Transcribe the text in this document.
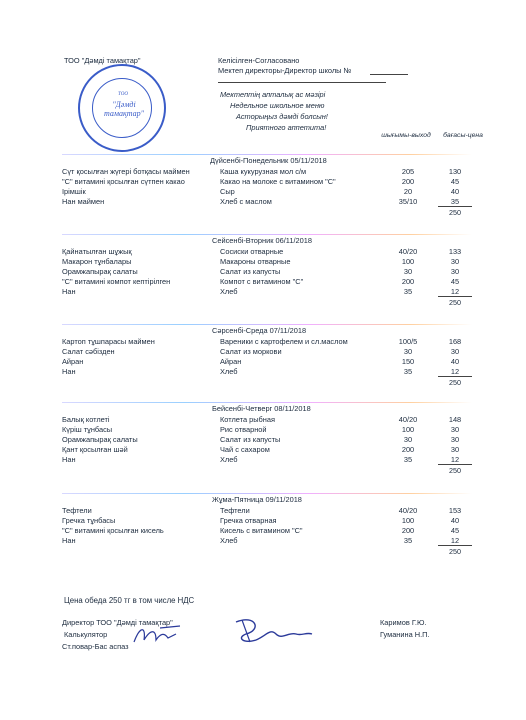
ТОО "Дәмді тамақтар"	Келісілген-Согласовано
Мектеп директоры-Директор школы №
Мектептің апталық ас мәзірі
Недельное школьное меню
Асторыңыз дәмді болсын!
Приятного аппетита!
шығымы-выход	бағасы-цена
ТОО
"Дәмді тамақтар"
Дүйсенбі-Понедельник 05/11/2018
Сүт қосылған жүгері ботқасы маймен	Каша кукурузная мол с/м	205	130
"С" витамині қосылған сүтпен какао	Какао на молоке с витамином "С"	200	45
Ірімшік	Сыр	20	40
Нан маймен	Хлеб с маслом	35/10	35
250
Сейсенбі-Вторник 06/11/2018
Қайнатылған шұжық	Сосиски отварные	40/20	133
Макарон тұнбалары	Макароны отварные	100	30
Орамжапырақ салаты	Салат из капусты	30	30
"С" витамині компот кептірілген	Компот с витамином "С"	200	45
Нан	Хлеб	35	12
250
Сәрсенбі-Среда 07/11/2018
Картоп тұшпарасы маймен	Вареники с картофелем и сл.маслом	100/5	168
Салат сәбізден	Салат из моркови	30	30
Айран	Айран	150	40
Нан	Хлеб	35	12
250
Бейсенбі-Четверг 08/11/2018
Балық котлеті	Котлета рыбная	40/20	148
Күріш тұнбасы	Рис отварной	100	30
Орамжапырақ салаты	Салат из капусты	30	30
Қант қосылған шәй	Чай с сахаром	200	30
Нан	Хлеб	35	12
250
Жұма-Пятница 09/11/2018
Тефтели	Тефтели	40/20	153
Гречка тұнбасы	Гречка отварная	100	40
"С" витамині қосылған кисель	Кисель с витамином "С"	200	45
Нан	Хлеб	35	12
250
Цена обеда 250 тг в том числе НДС
Директор ТОО "Дәмді тамақтар"
Калькулятор
Ст.повар-Бас аспаз
Каримов Г.Ю.
Гуманина Н.П.
